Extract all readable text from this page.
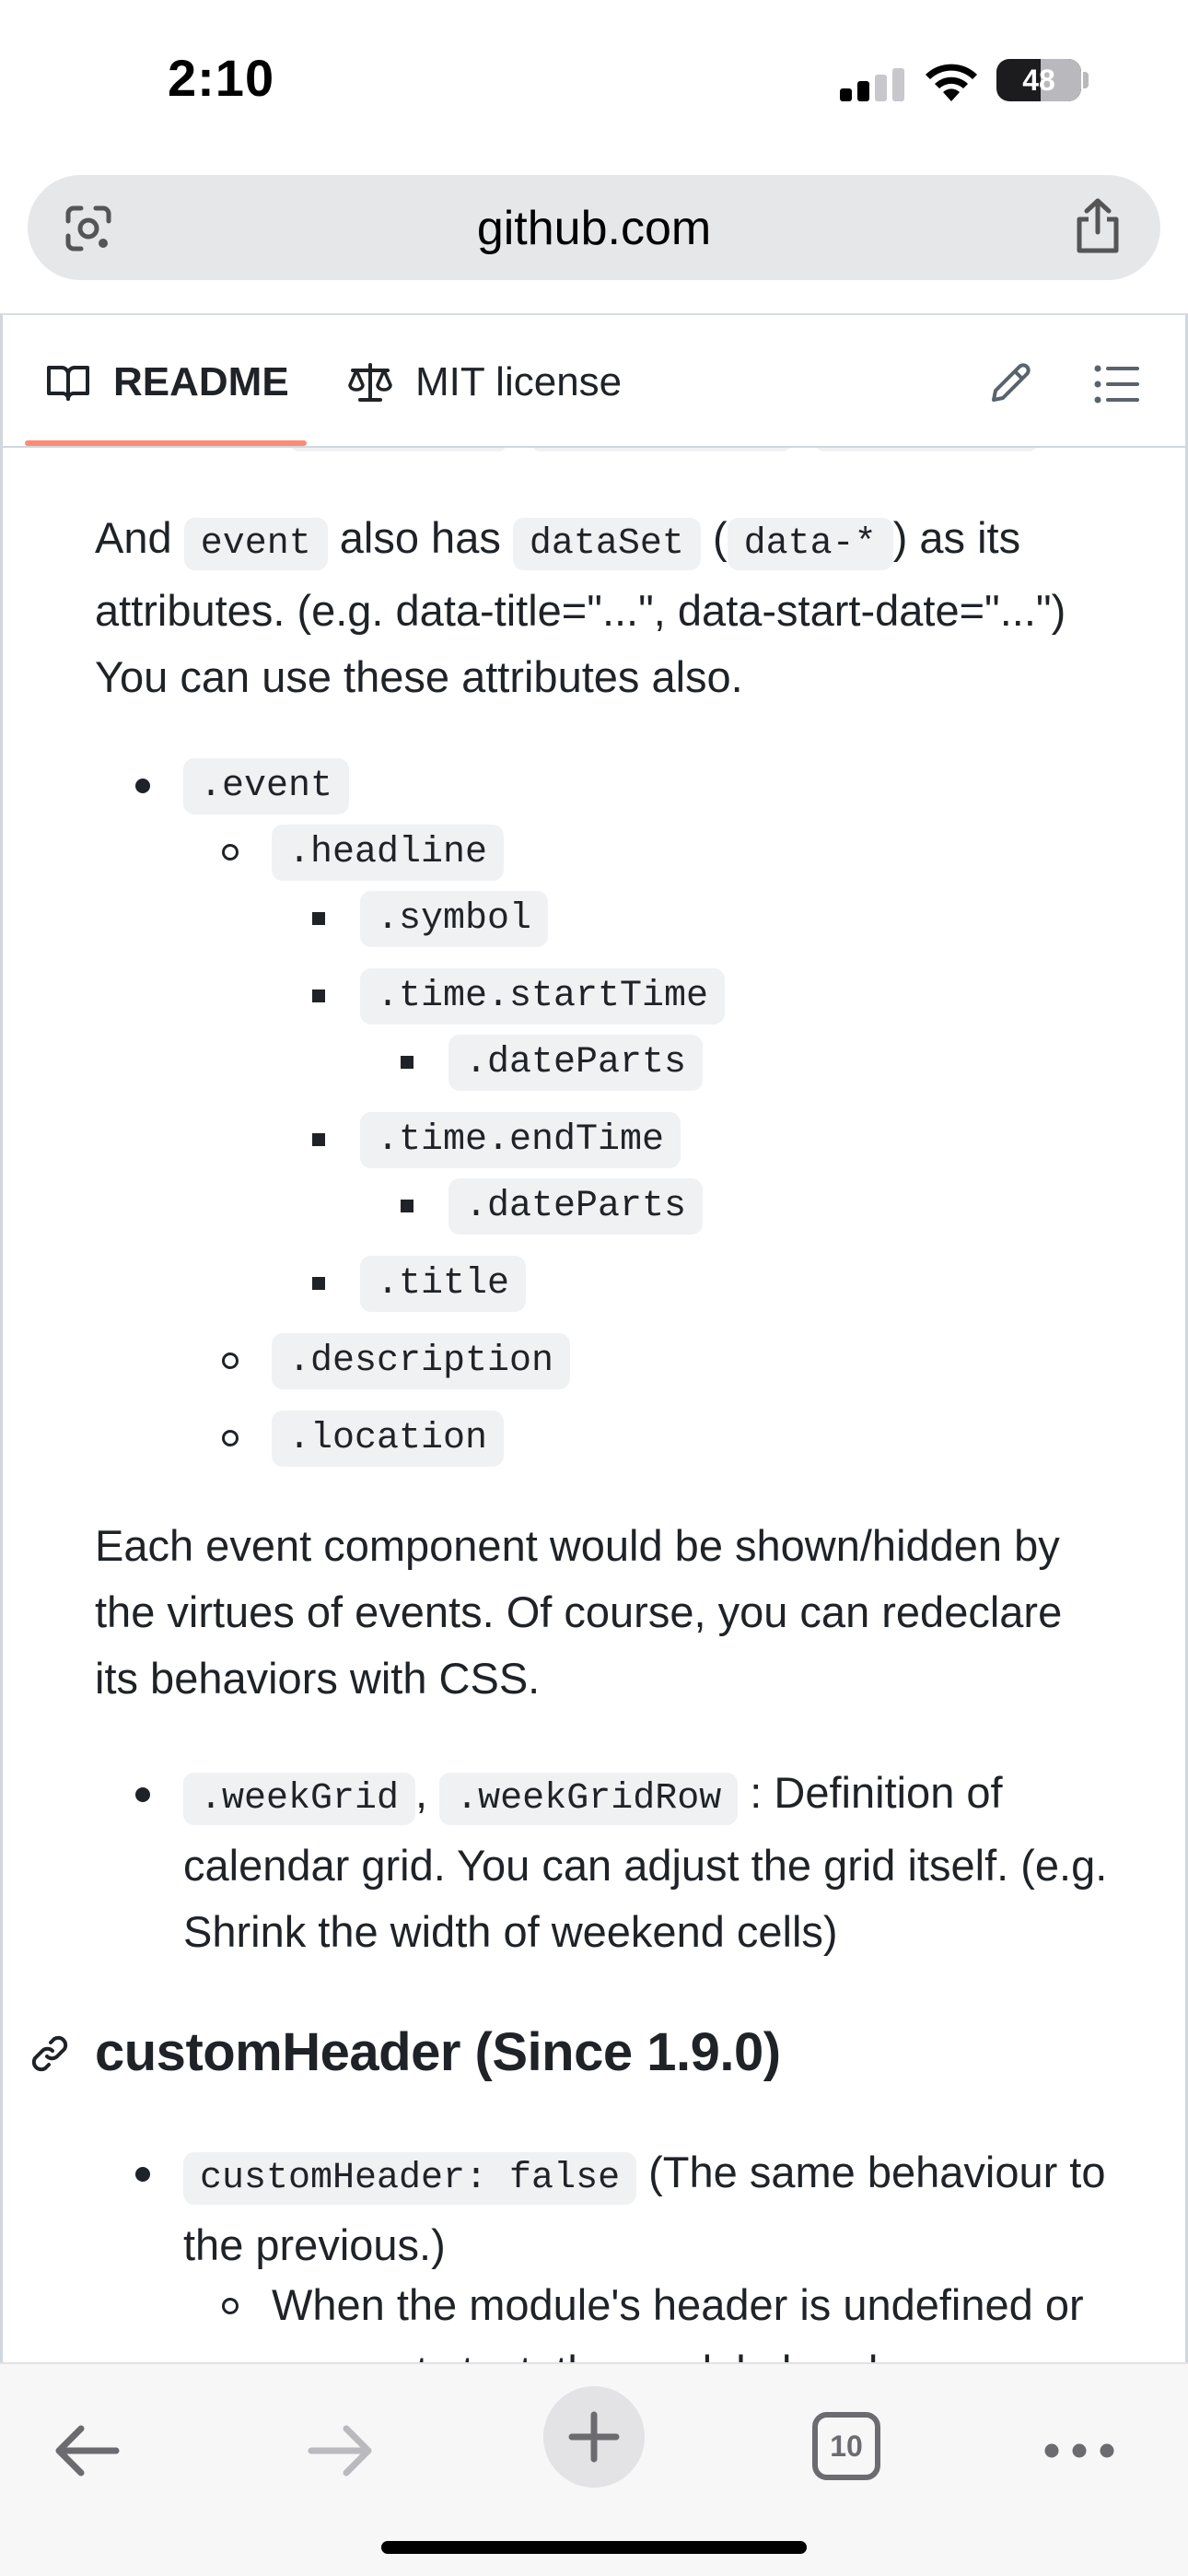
2:10	48
github.com
README	MIT license
And event also has dataSet ( data-* ) as its attributes. (e.g. data-title="...", data-start-date="...") You can use these attributes also.
.event
.headline
.symbol
.time.startTime
.dateParts
.time.endTime
.dateParts
.title
.description
.location
Each event component would be shown/hidden by the virtues of events. Of course, you can redeclare its behaviors with CSS.
.weekGrid , .weekGridRow : Definition of calendar grid. You can adjust the grid itself. (e.g. Shrink the width of weekend cells)
customHeader (Since 1.9.0)
customHeader: false (The same behaviour to the previous.)
When the module's header is undefined or
10
